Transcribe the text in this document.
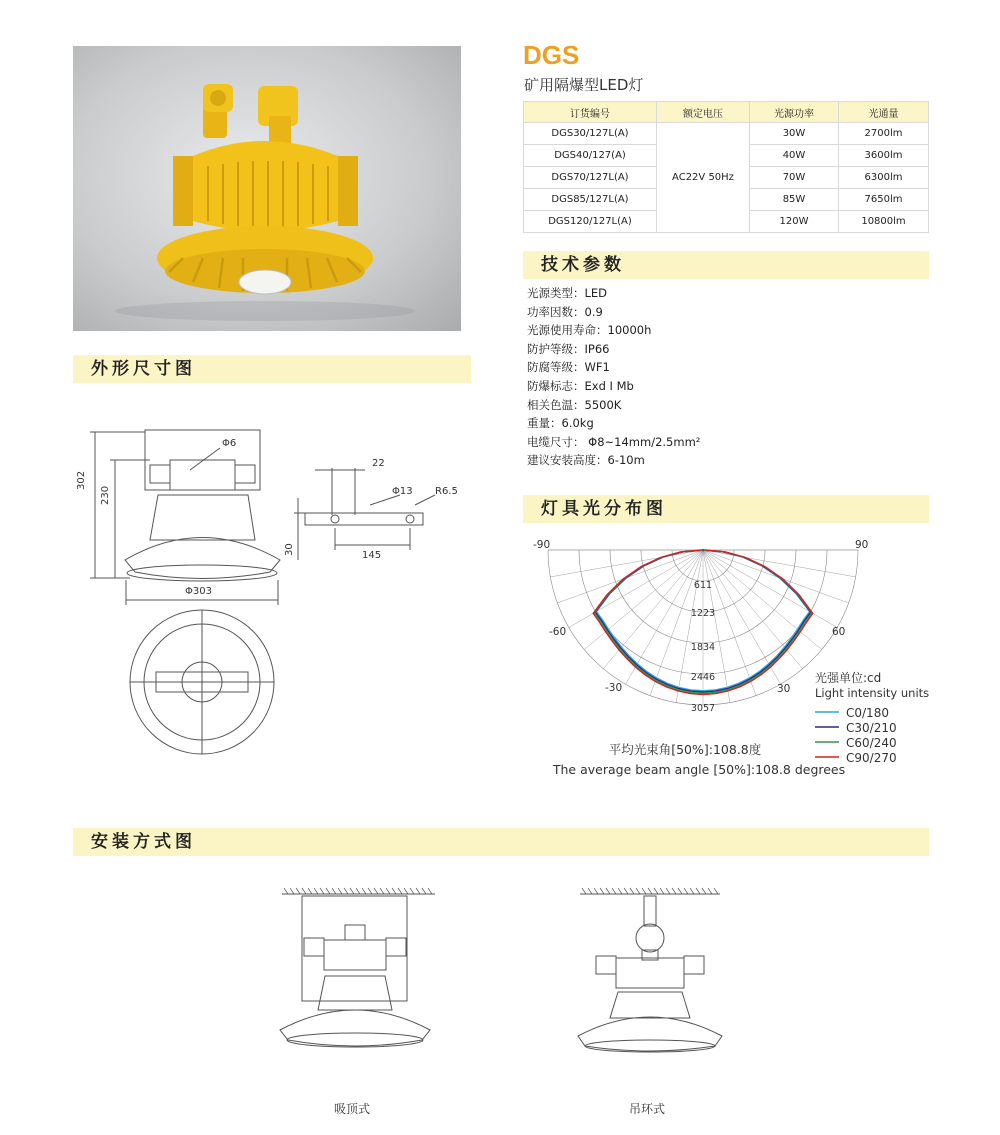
DGS
矿用隔爆型LED灯
订货编号	额定电压	光源功率	光通量
DGS30/127L(A)	AC22V 50Hz	30W	2700lm
DGS40/127(A)		40W	3600lm
DGS70/127L(A)		70W	6300lm
DGS85/127L(A)		85W	7650lm
DGS120/127L(A)		120W	10800lm
技术参数
外形尺寸图
灯具光分布图
安装方式图
光源类型：LED
功率因数：0.9
光源使用寿命：10000h
防护等级：IP66
防腐等级：WF1
防爆标志：Exd I Mb
相关色温：5500K
重量：6.0kg
电缆尺寸： Φ8~14mm/2.5mm²
建议安装高度：6-10m
302
230
Φ303
Φ6
22
Φ13 R6.5
145
30	-90	90
-60	60
-30	30
611
1223
1834
2446
3057
光强单位:cd
Light intensity units
C0/180
C30/210
C60/240
C90/270
平均光束角[50%]:108.8度
The average beam angle [50%]:108.8 degrees
吸顶式	吊环式
